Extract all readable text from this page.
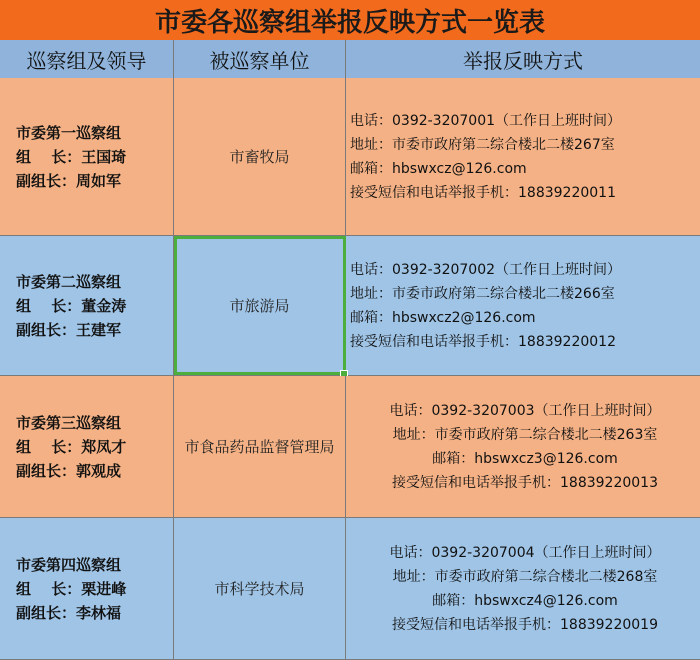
市委各巡察组举报反映方式一览表
巡察组及领导	被巡察单位	举报反映方式
市委第一巡察组
组　 长：王国琦
副组长：周如军
市畜牧局
电话：0392-3207001（工作日上班时间）
地址：市委市政府第二综合楼北二楼267室
邮箱：hbswxcz@126.com
接受短信和电话举报手机：18839220011
市委第二巡察组
组　 长：董金涛
副组长：王建军
市旅游局
电话：0392-3207002（工作日上班时间）
地址：市委市政府第二综合楼北二楼266室
邮箱：hbswxcz2@126.com
接受短信和电话举报手机：18839220012
市委第三巡察组
组　 长：郑凤才
副组长：郭观成
市食品药品监督管理局
电话：0392-3207003（工作日上班时间）
地址：市委市政府第二综合楼北二楼263室
邮箱：hbswxcz3@126.com
接受短信和电话举报手机：18839220013
市委第四巡察组
组　 长：栗进峰
副组长：李林福
市科学技术局
电话：0392-3207004（工作日上班时间）
地址：市委市政府第二综合楼北二楼268室
邮箱：hbswxcz4@126.com
接受短信和电话举报手机：18839220019
